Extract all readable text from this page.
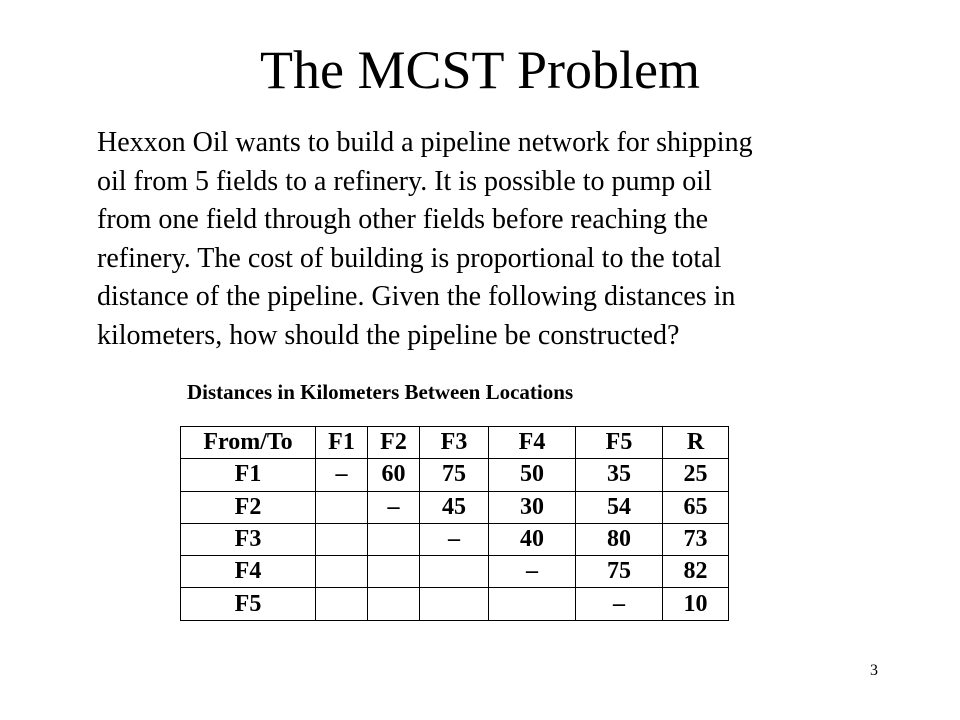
The MCST Problem
Hexxon Oil wants to build a pipeline network for shipping
oil from 5 fields to a refinery. It is possible to pump oil
from one field through other fields before reaching the
refinery. The cost of building is proportional to the total
distance of the pipeline. Given the following distances in
kilometers, how should the pipeline be constructed?
Distances in Kilometers Between Locations
From/To	F1	F2	F3	F4	F5	R
F1	–	60	75	50	35	25
F2		–	45	30	54	65
F3			–	40	80	73
F4				–	75	82
F5					–	10
3
